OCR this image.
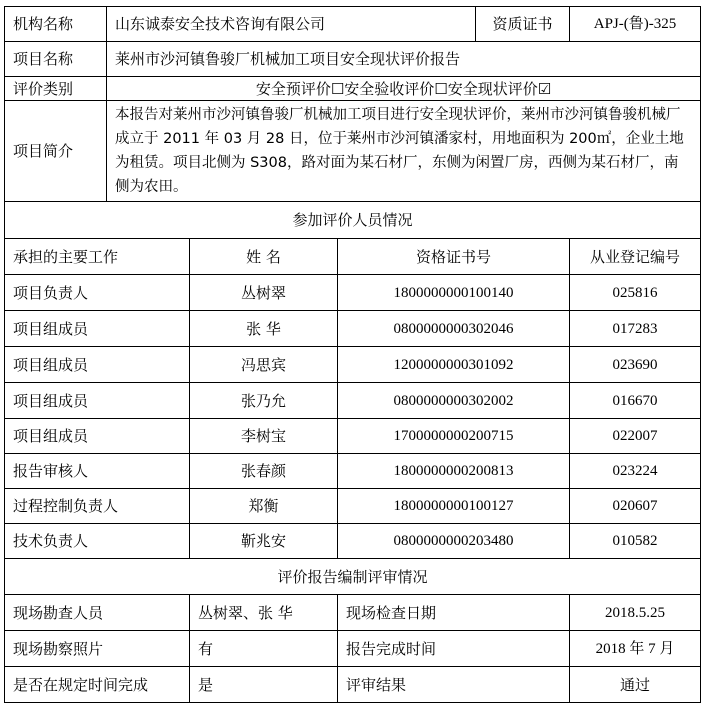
机构名称	山东诚泰安全技术咨询有限公司			资质证书	APJ-(鲁)-325
项目名称	莱州市沙河镇鲁骏厂机械加工项目安全现状评价报告				
评价类别	安全预评价☐安全验收评价☐安全现状评价☑				
项目简介	本报告对莱州市沙河镇鲁骏厂机械加工项目进行安全现状评价，莱州市沙河镇鲁骏机械厂成立于 2011 年 03 月 28 日，位于莱州市沙河镇潘家村，用地面积为 200㎡，企业土地为租赁。项目北侧为 S308，路对面为某石材厂，东侧为闲置厂房，西侧为某石材厂，南侧为农田。				
参加评价人员情况					
承担的主要工作		姓 名	资格证书号		从业登记编号
项目负责人		丛树翠	1800000000100140		025816
项目组成员		张 华	0800000000302046		017283
项目组成员		冯思宾	1200000000301092		023690
项目组成员		张乃允	0800000000302002		016670
项目组成员		李树宝	1700000000200715		022007
报告审核人		张春颜	1800000000200813		023224
过程控制负责人		郑衡	1800000000100127		020607
技术负责人		靳兆安	0800000000203480		010582
评价报告编制评审情况					
现场勘查人员		丛树翠、张 华	现场检查日期		2018.5.25
现场勘察照片		有	报告完成时间		2018 年 7 月
是否在规定时间完成		是	评审结果		通过
